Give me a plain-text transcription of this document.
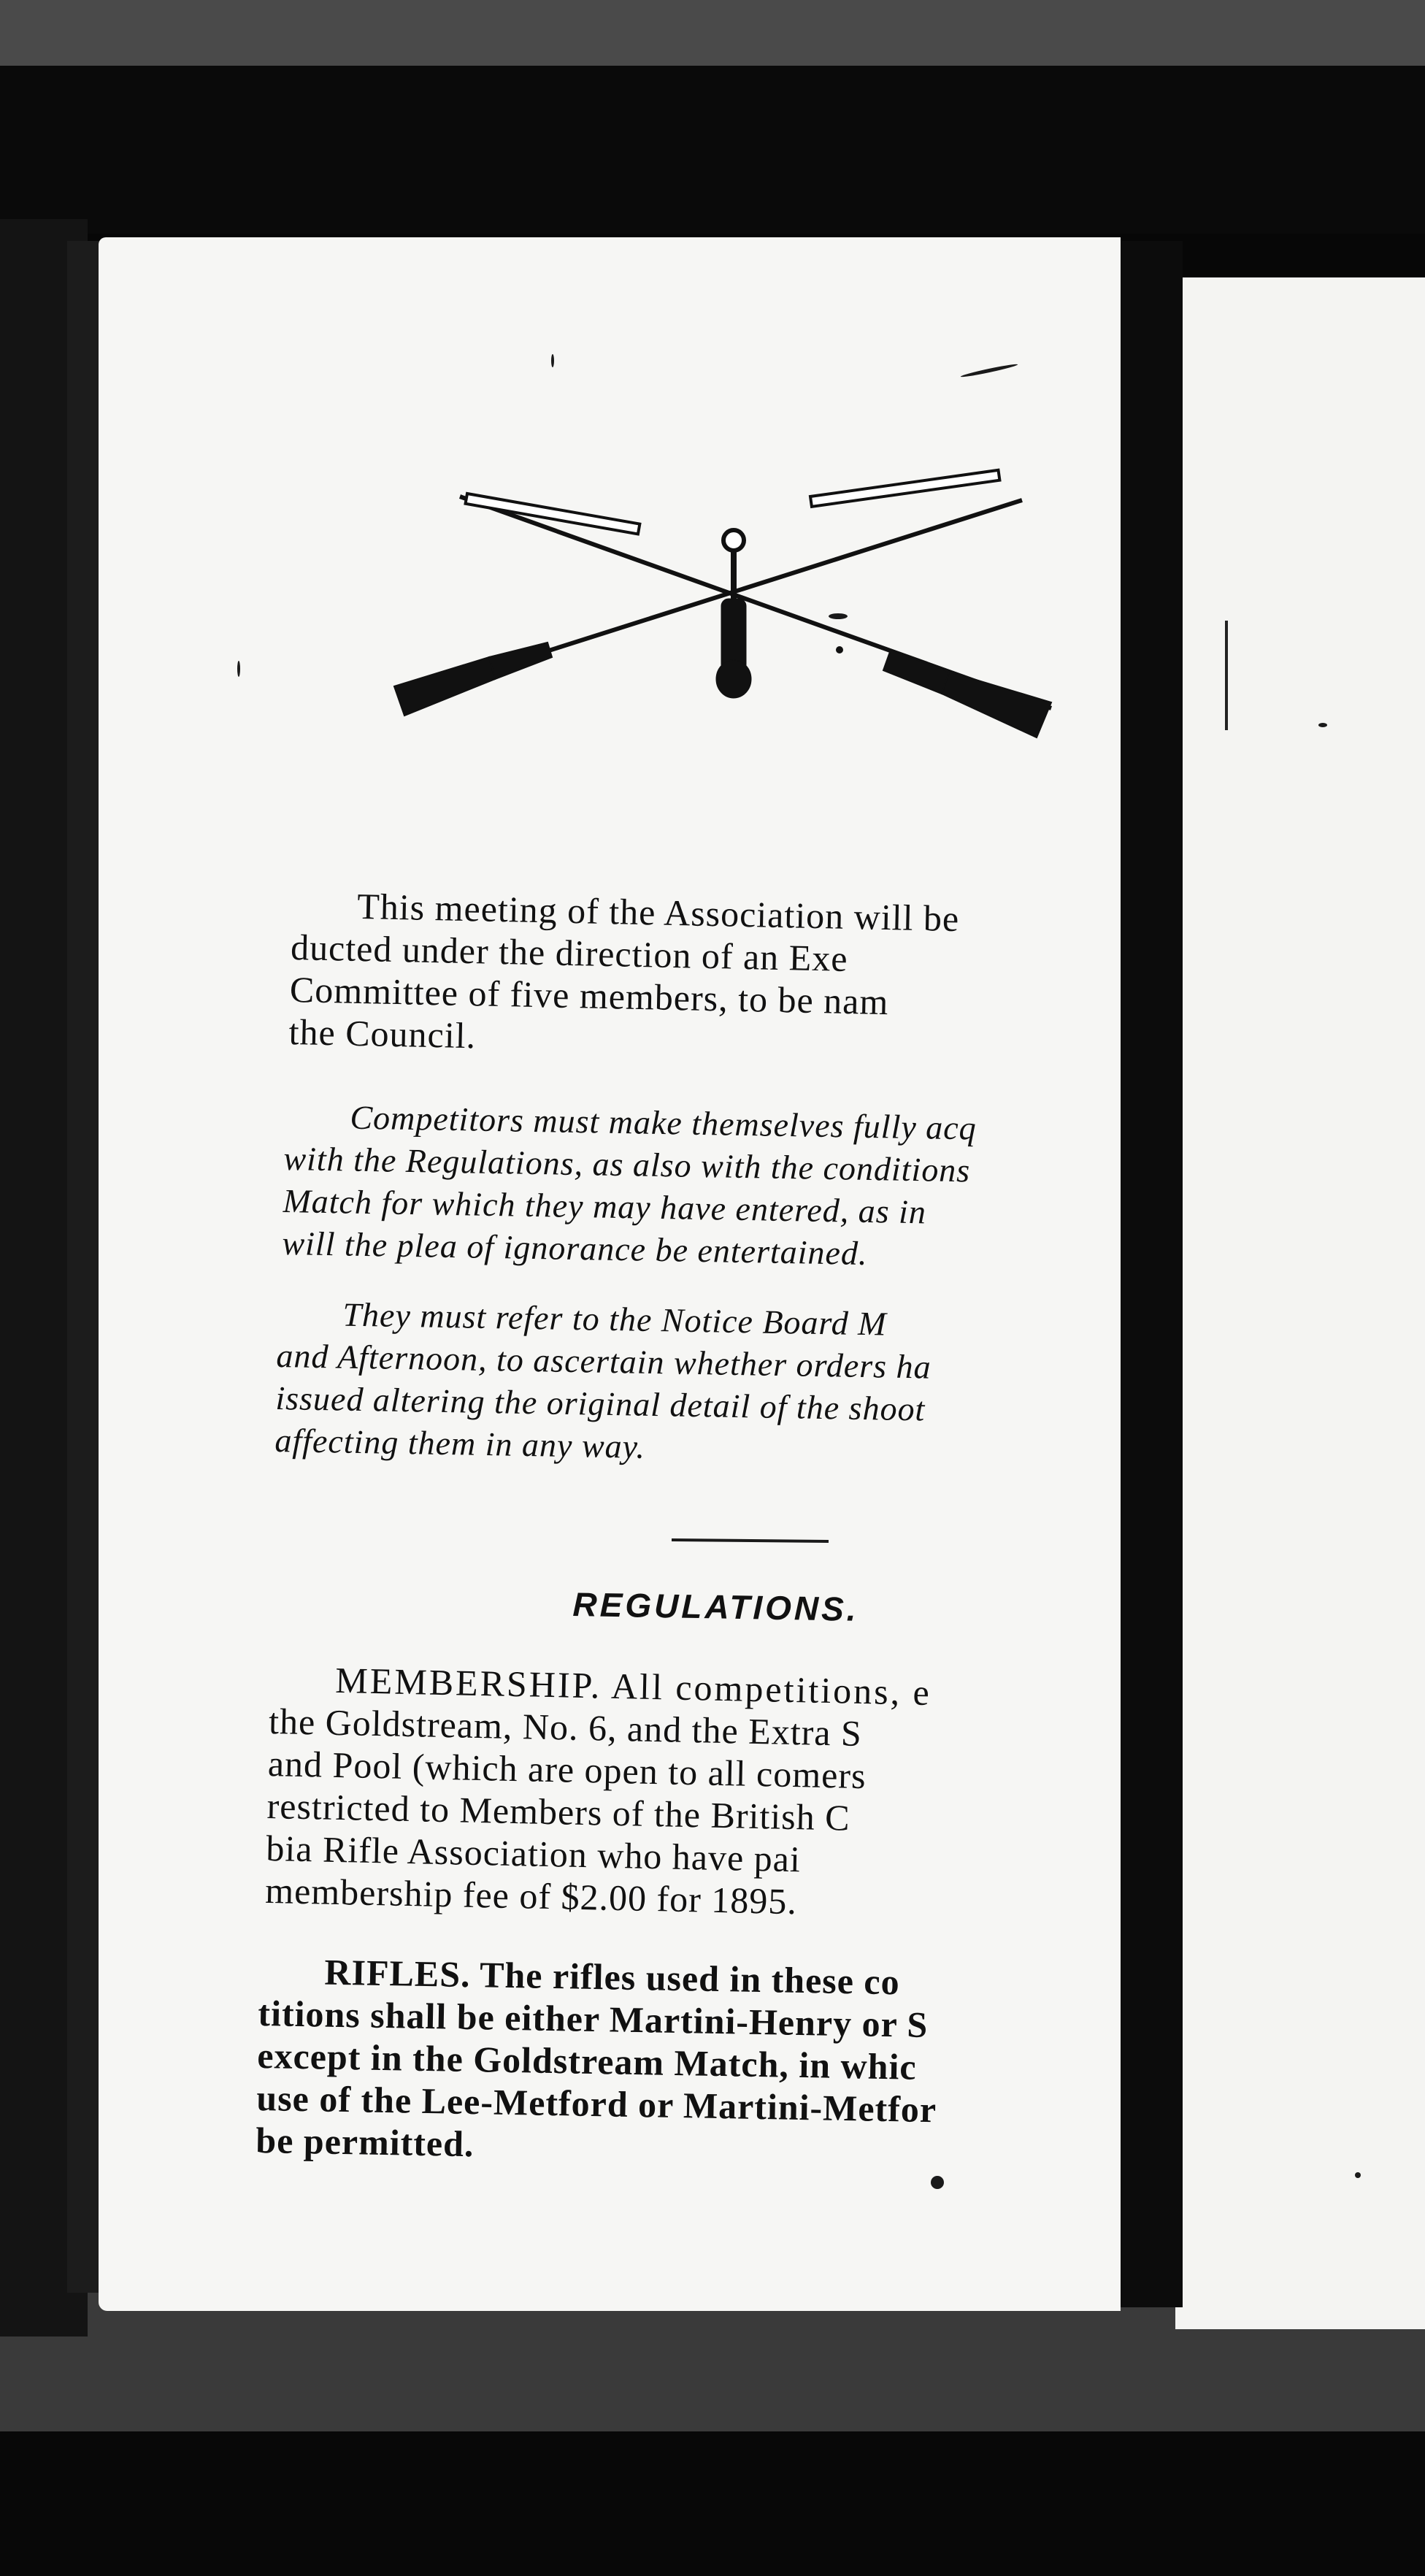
This meeting of the Association will be
ducted under the direction of an Exe
Committee of five members, to be nam
the Council.
Competitors must make themselves fully acq
with the Regulations, as also with the conditions
Match for which they may have entered, as in
will the plea of ignorance be entertained.
They must refer to the Notice Board M
and Afternoon, to ascertain whether orders ha
issued altering the original detail of the shoot
affecting them in any way.
REGULATIONS.
MEMBERSHIP. All competitions, e
the Goldstream, No. 6, and the Extra S
and Pool (which are open to all comers
restricted to Members of the British C
bia Rifle Association who have pai
membership fee of $2.00 for 1895.
RIFLES. The rifles used in these co
titions shall be either Martini-Henry or S
except in the Goldstream Match, in whic
use of the Lee-Metford or Martini-Metfor
be permitted.
